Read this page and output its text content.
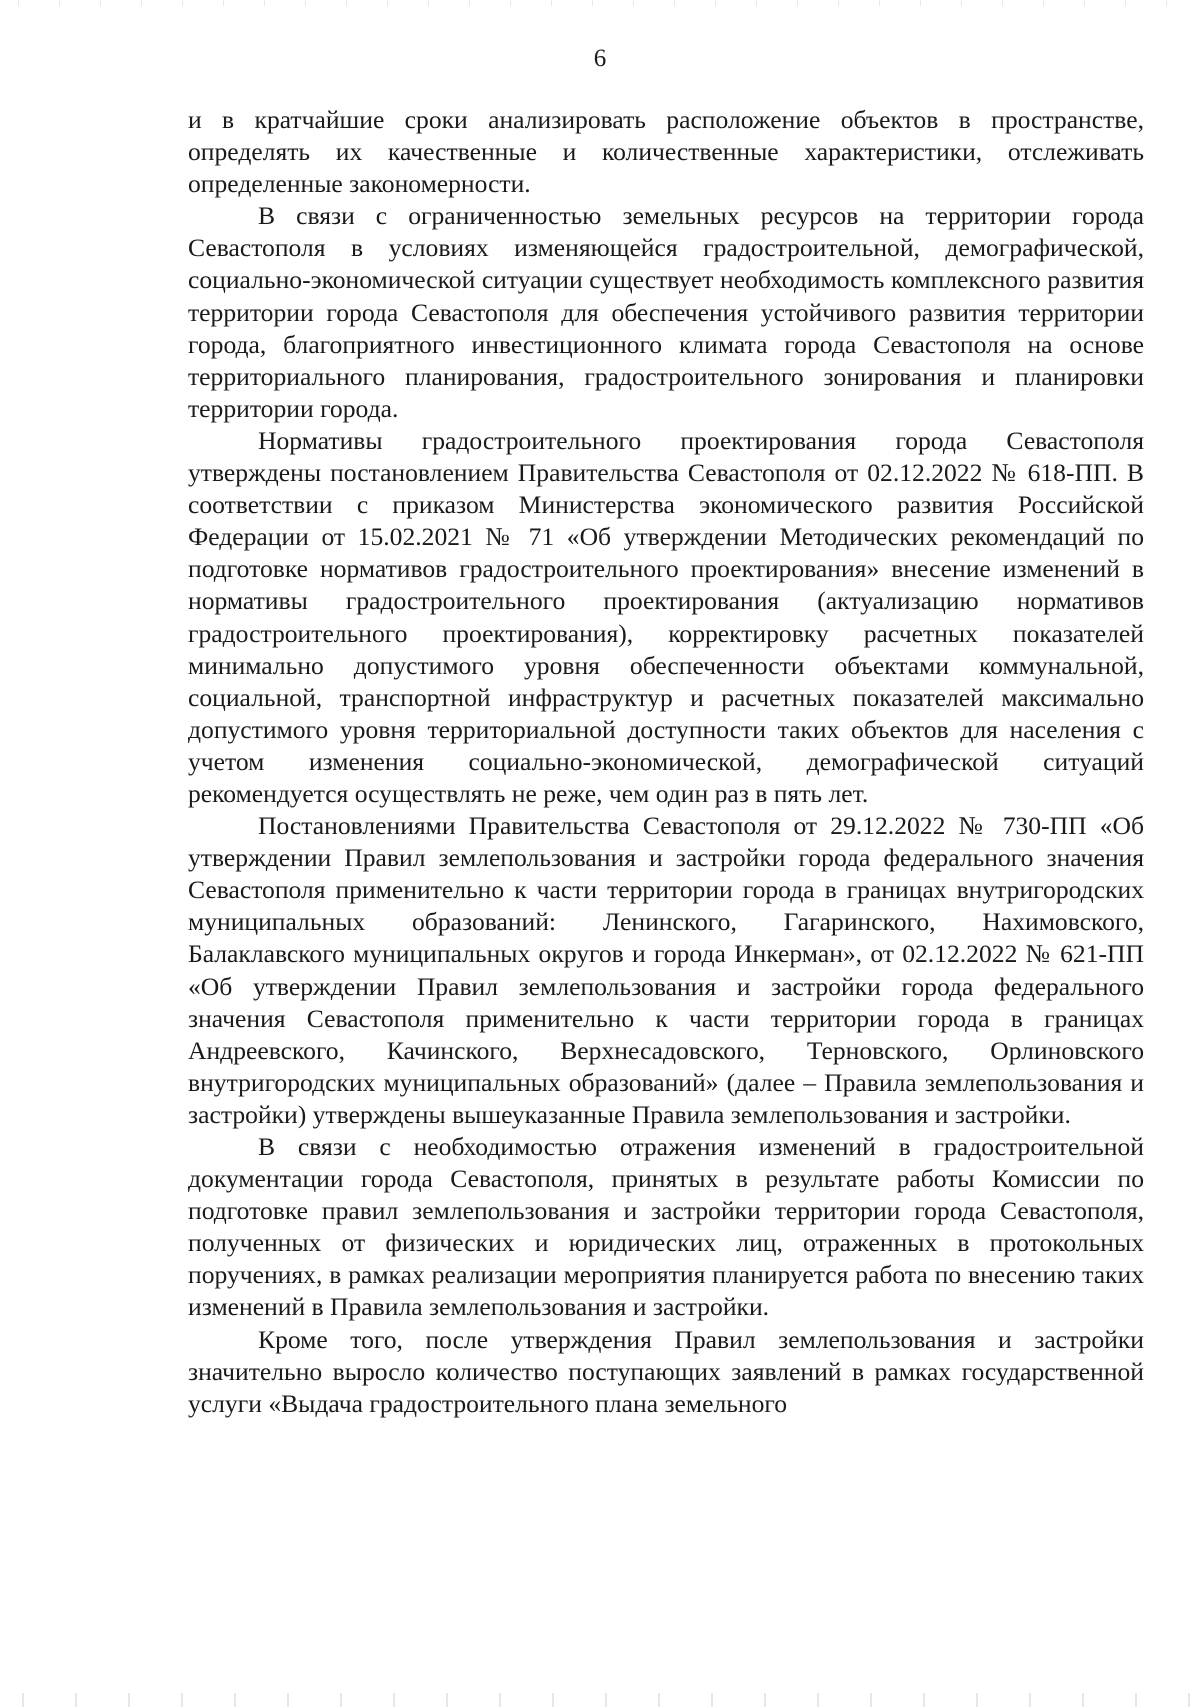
6

и в кратчайшие сроки анализировать расположение объектов в пространстве, определять их качественные и количественные характеристики, отслеживать определенные закономерности.

В связи с ограниченностью земельных ресурсов на территории города Севастополя в условиях изменяющейся градостроительной, демографической, социально-экономической ситуации существует необходимость комплексного развития территории города Севастополя для обеспечения устойчивого развития территории города, благоприятного инвестиционного климата города Севастополя на основе территориального планирования, градостроительного зонирования и планировки территории города.

Нормативы градостроительного проектирования города Севастополя утверждены постановлением Правительства Севастополя от 02.12.2022 № 618-ПП. В соответствии с приказом Министерства экономического развития Российской Федерации от 15.02.2021 № 71 «Об утверждении Методических рекомендаций по подготовке нормативов градостроительного проектирования» внесение изменений в нормативы градостроительного проектирования (актуализацию нормативов градостроительного проектирования), корректировку расчетных показателей минимально допустимого уровня обеспеченности объектами коммунальной, социальной, транспортной инфраструктур и расчетных показателей максимально допустимого уровня территориальной доступности таких объектов для населения с учетом изменения социально-экономической, демографической ситуаций рекомендуется осуществлять не реже, чем один раз в пять лет.

Постановлениями Правительства Севастополя от 29.12.2022 № 730-ПП «Об утверждении Правил землепользования и застройки города федерального значения Севастополя применительно к части территории города в границах внутригородских муниципальных образований: Ленинского, Гагаринского, Нахимовского, Балаклавского муниципальных округов и города Инкерман», от 02.12.2022 № 621-ПП «Об утверждении Правил землепользования и застройки города федерального значения Севастополя применительно к части территории города в границах Андреевского, Качинского, Верхнесадовского, Терновского, Орлиновского внутригородских муниципальных образований» (далее – Правила землепользования и застройки) утверждены вышеуказанные Правила землепользования и застройки.

В связи с необходимостью отражения изменений в градостроительной документации города Севастополя, принятых в результате работы Комиссии по подготовке правил землепользования и застройки территории города Севастополя, полученных от физических и юридических лиц, отраженных в протокольных поручениях, в рамках реализации мероприятия планируется работа по внесению таких изменений в Правила землепользования и застройки.

Кроме того, после утверждения Правил землепользования и застройки значительно выросло количество поступающих заявлений в рамках государственной услуги «Выдача градостроительного плана земельного
